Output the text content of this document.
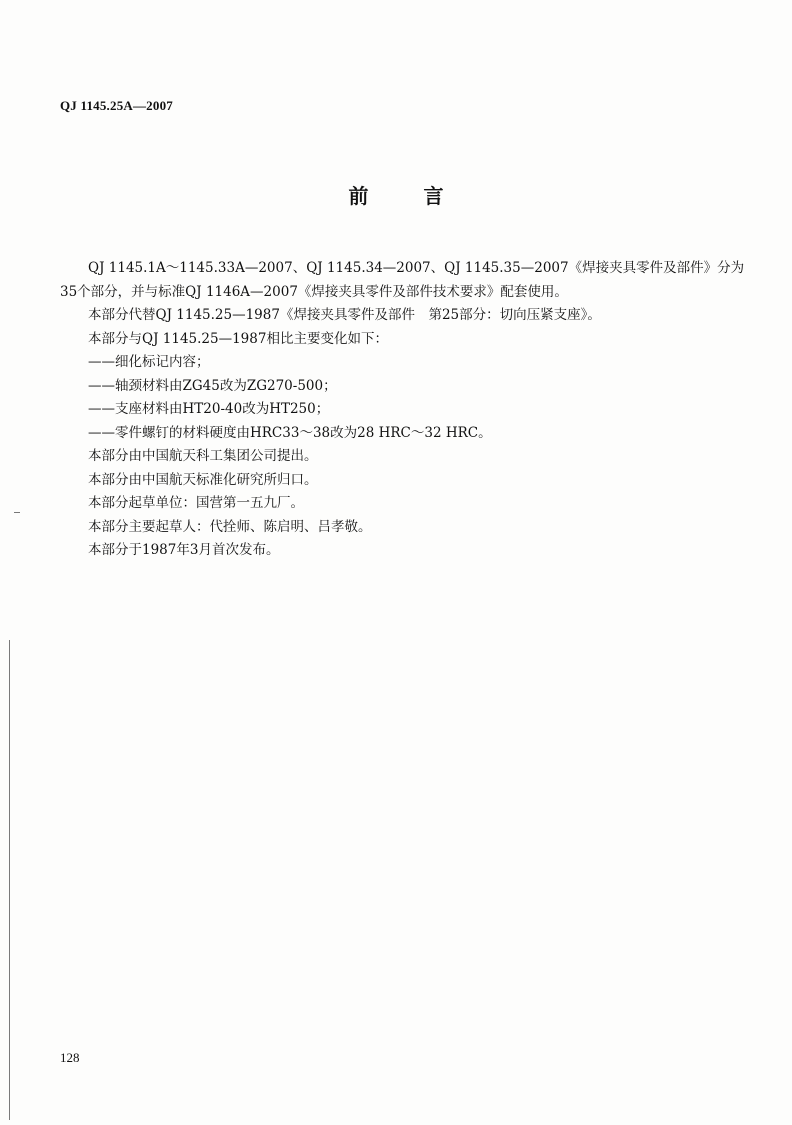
QJ 1145.25A—2007
前 言

QJ 1145.1A～1145.33A—2007、QJ 1145.34—2007、QJ 1145.35—2007《焊接夹具零件及部件》分为

35个部分，并与标准QJ 1146A—2007《焊接夹具零件及部件技术要求》配套使用。

本部分代替QJ 1145.25—1987《焊接夹具零件及部件　第25部分：切向压紧支座》。

本部分与QJ 1145.25—1987相比主要变化如下：

——细化标记内容；

——轴颈材料由ZG45改为ZG270-500；

——支座材料由HT20-40改为HT250；

——零件螺钉的材料硬度由HRC33～38改为28 HRC～32 HRC。

本部分由中国航天科工集团公司提出。

本部分由中国航天标准化研究所归口。

本部分起草单位：国营第一五九厂。

本部分主要起草人：代拴师、陈启明、吕孝敬。

本部分于1987年3月首次发布。

128
